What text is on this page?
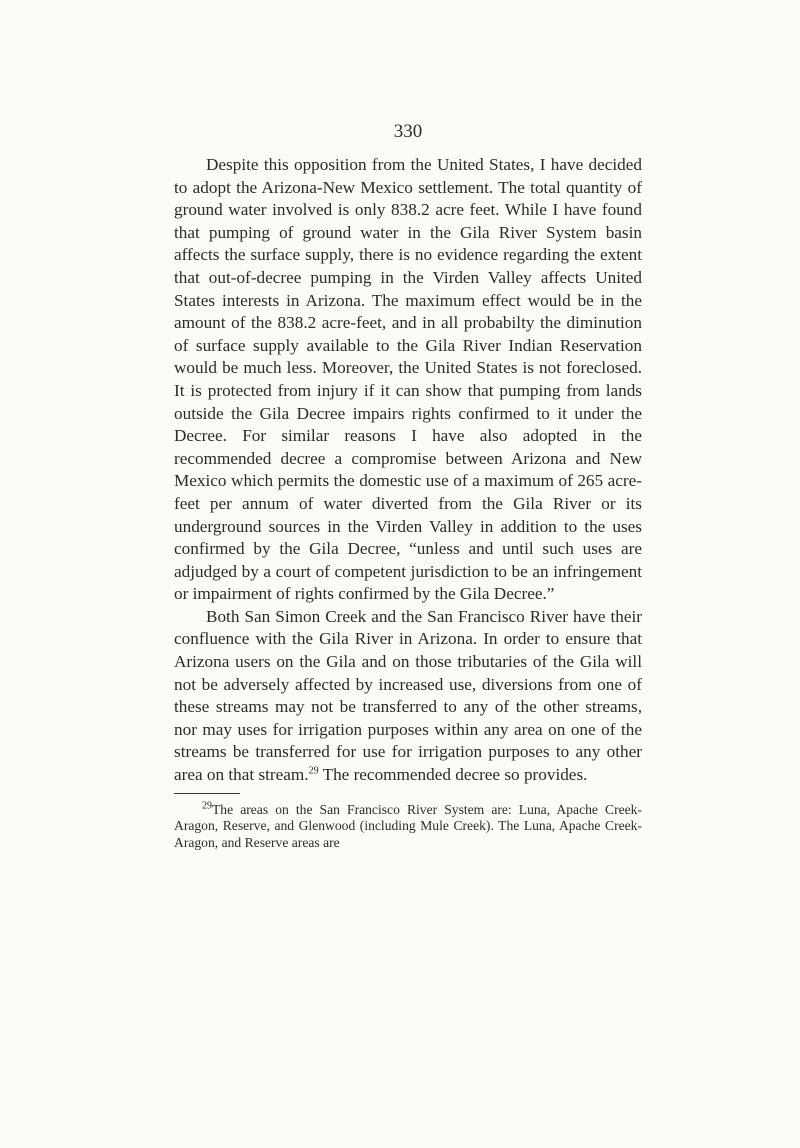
330

Despite this opposition from the United States, I have decided to adopt the Arizona-New Mexico settlement. The total quantity of ground water involved is only 838.2 acre feet. While I have found that pumping of ground water in the Gila River System basin affects the surface supply, there is no evidence regarding the extent that out-of-decree pumping in the Virden Valley affects United States interests in Arizona. The maximum effect would be in the amount of the 838.2 acre-feet, and in all probabilty the diminution of surface supply available to the Gila River Indian Reservation would be much less. Moreover, the United States is not foreclosed. It is protected from injury if it can show that pumping from lands outside the Gila Decree impairs rights confirmed to it under the Decree. For similar reasons I have also adopted in the recommended decree a compromise between Arizona and New Mexico which permits the domestic use of a maximum of 265 acre-feet per annum of water diverted from the Gila River or its underground sources in the Virden Valley in addition to the uses confirmed by the Gila Decree, “unless and until such uses are adjudged by a court of competent jurisdiction to be an infringement or impairment of rights confirmed by the Gila Decree.”

Both San Simon Creek and the San Francisco River have their confluence with the Gila River in Arizona. In order to ensure that Arizona users on the Gila and on those tributaries of the Gila will not be adversely affected by increased use, diversions from one of these streams may not be transferred to any of the other streams, nor may uses for irrigation purposes within any area on one of the streams be transferred for use for irrigation purposes to any other area on that stream.$^{29}$ The recommended decree so provides.

$^{29}$The areas on the San Francisco River System are: Luna, Apache Creek-Aragon, Reserve, and Glenwood (including Mule Creek). The Luna, Apache Creek-Aragon, and Reserve areas are
